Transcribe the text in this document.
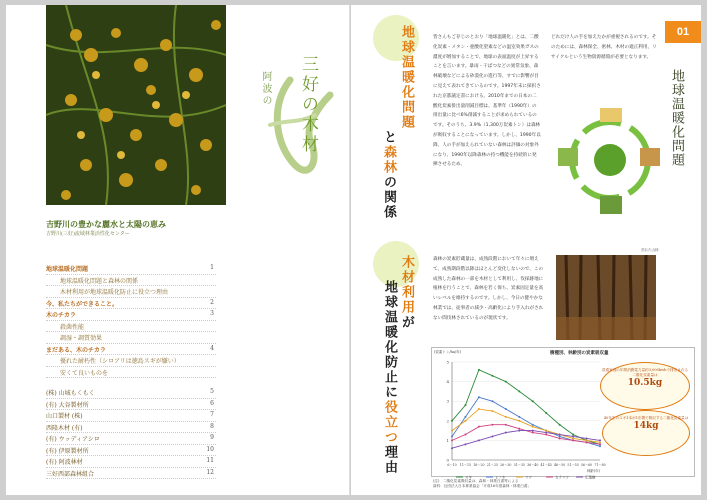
三好の木材
阿波の
吉野川の豊かな麗水と太陽の恵み
吉野川(三好)流域林業活性化センター
地球温暖化問題	1
地球温暖化問題と森林の関係
木材利用が地球温暖化防止に役立つ理由
今、私たちができること。	2
木のチカラ	3
殺菌性能
調湿・調質効果
まだある、木のチカラ	4
優れた耐朽性（シロアリは徳島スギが嫌い）
安くて良いものを
(株) 山城もくもく	5
(有) 大谷製材所	6
山口製材 (株)	7
西隆木材 (有)	8
(有) ウッディアシロ	9
(有) 伊原製材所	10
(有) 阿波林材	11
三好西部森林組合	12
01
地球温暖化問題
地球温暖化問題
と森林の関係
木材利用が
地球温暖化防止に役立つ理由
皆さんもご存じのとおり「地球温暖化」とは、二酸化炭素・メタン・亜酸化窒素などの温室効果ガスの濃度が増加することで、地球の表面温度が上昇することを言います。暴雨・干ばつなどの異常気象、森林破壊などによる砂漠化の進行等、すでに影響が目に見えて表れてきているのです。1997年末に採択された京都議定書における、2010年までの日本の二酸化炭素排出量削減目標は、基準年（1990年）の排出量に比べ6%削減することが求められているのです。そのうち、3.9%（1,300万炭素トン）は森林が吸収することになっています。しかし、1990年以降、人の手が加えられていない森林は評価の対象外になり、1990年以降森林の持つ機能を持続的に発揮させるため、
どれだけ人の手を加えたかが重視されるのです。そのためには、森林保全、密林、木材の適正利用、リサイクルという生物資源循環が必要となります。
森林の炭素貯蔵量は、成熟段階において年々に増えて、成熟期段階以降はほとんど変化しないので、この成熟した森林の一部を木材として利用し、伐採跡地に植林を行うことで、森林を若く保ち、炭素固定量を高いレベルを維持するのです。しかし、今日の健やかな林業では、従事者の減少・高齢化により手入れがされない間伐林されているのが現状です。
荒れた山林
樹種別、林齢別の炭素吸収量
(炭素トン/ha/年)
0
1
2
3
4
5
6〜10 11〜15 16〜20 21〜25 26〜30 31〜35 36〜40 41〜45 46〜50 51〜55 56〜60 71〜80
林齢(年)
スギ	ヒノキ	マツ	カラマツ	広葉樹
普通家庭の年間消費電力量約3,000kwhで排出される二酸化炭素量は
10.5kg
40年生のスギ1本が1年間で吸収する二酸化炭素量は
14kg
(注)　二酸化炭素吸収量は、森林・林業白書等による
資料：社団法人日本林業協会「平成16年度森林・林業白書」
